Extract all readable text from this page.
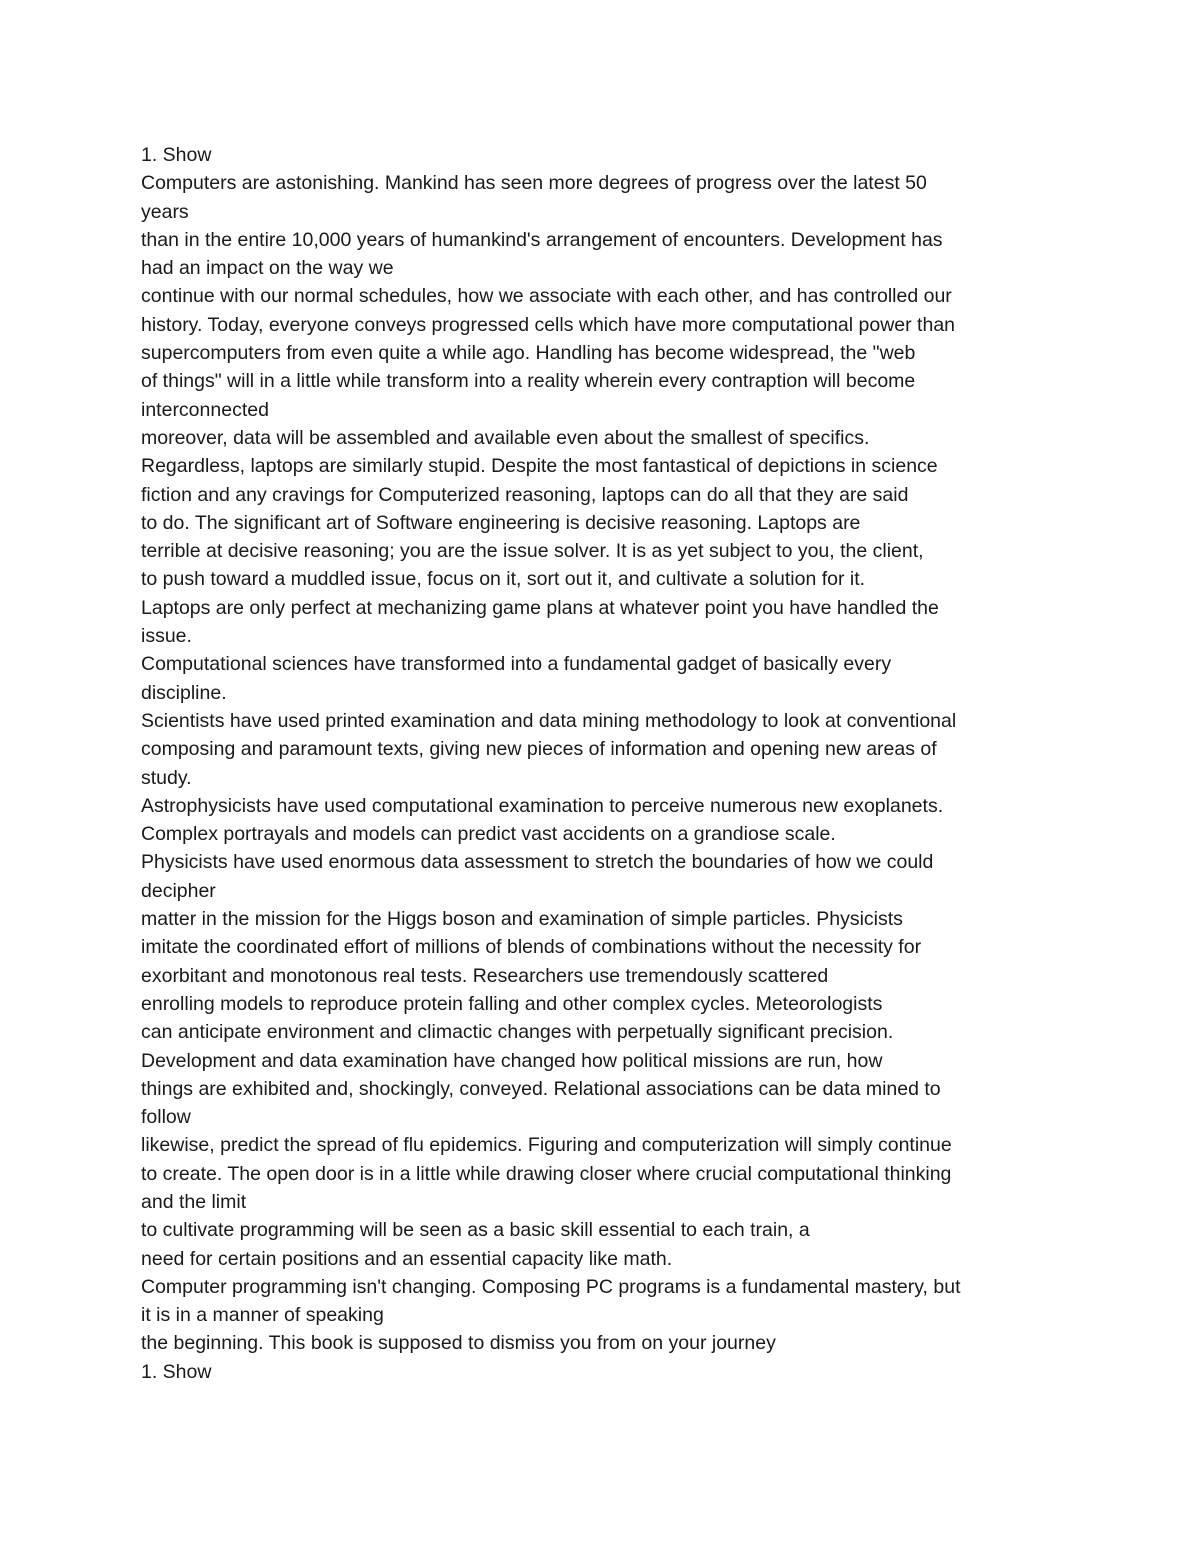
1. Show
Computers are astonishing. Mankind has seen more degrees of progress over the latest 50
years
than in the entire 10,000 years of humankind's arrangement of encounters. Development has
had an impact on the way we
continue with our normal schedules, how we associate with each other, and has controlled our
history. Today, everyone conveys progressed cells which have more computational power than
supercomputers from even quite a while ago. Handling has become widespread, the "web
of things" will in a little while transform into a reality wherein every contraption will become
interconnected
moreover, data will be assembled and available even about the smallest of specifics.
Regardless, laptops are similarly stupid. Despite the most fantastical of depictions in science
fiction and any cravings for Computerized reasoning, laptops can do all that they are said
to do. The significant art of Software engineering is decisive reasoning. Laptops are
terrible at decisive reasoning; you are the issue solver. It is as yet subject to you, the client,
to push toward a muddled issue, focus on it, sort out it, and cultivate a solution for it.
Laptops are only perfect at mechanizing game plans at whatever point you have handled the
issue.
Computational sciences have transformed into a fundamental gadget of basically every
discipline.
Scientists have used printed examination and data mining methodology to look at conventional
composing and paramount texts, giving new pieces of information and opening new areas of
study.
Astrophysicists have used computational examination to perceive numerous new exoplanets.
Complex portrayals and models can predict vast accidents on a grandiose scale.
Physicists have used enormous data assessment to stretch the boundaries of how we could
decipher
matter in the mission for the Higgs boson and examination of simple particles. Physicists
imitate the coordinated effort of millions of blends of combinations without the necessity for
exorbitant and monotonous real tests. Researchers use tremendously scattered
enrolling models to reproduce protein falling and other complex cycles. Meteorologists
can anticipate environment and climactic changes with perpetually significant precision.
Development and data examination have changed how political missions are run, how
things are exhibited and, shockingly, conveyed. Relational associations can be data mined to
follow
likewise, predict the spread of flu epidemics. Figuring and computerization will simply continue
to create. The open door is in a little while drawing closer where crucial computational thinking
and the limit
to cultivate programming will be seen as a basic skill essential to each train, a
need for certain positions and an essential capacity like math.
Computer programming isn't changing. Composing PC programs is a fundamental mastery, but
it is in a manner of speaking
the beginning. This book is supposed to dismiss you from on your journey
1. Show
